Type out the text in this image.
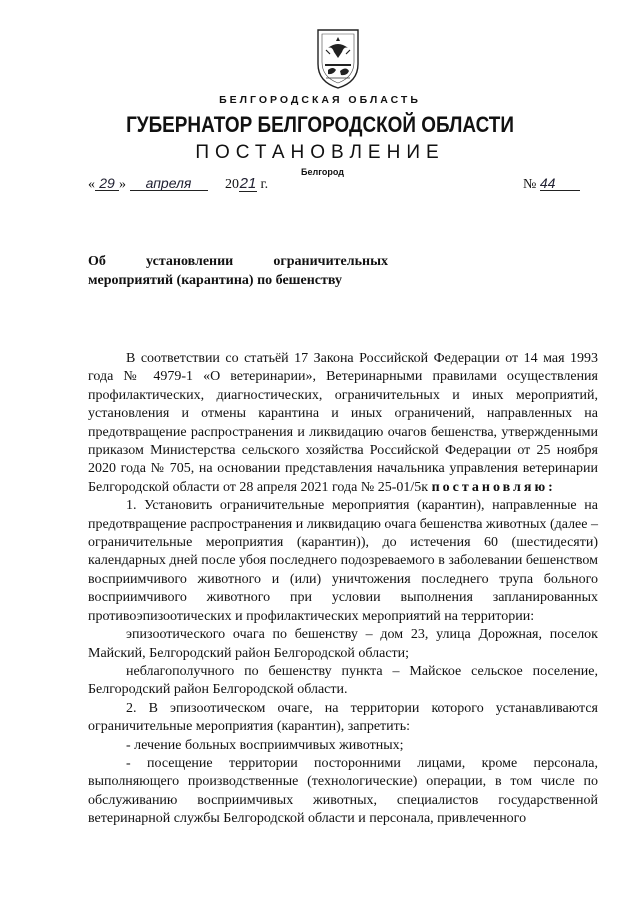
БЕЛГОРОДСКАЯ ОБЛАСТЬ
ГУБЕРНАТОР БЕЛГОРОДСКОЙ ОБЛАСТИ
ПОСТАНОВЛЕНИЕ
Белгород
« 29 » апреля 2021 г.	№ 44
Об установлении ограничительных
мероприятий (карантина) по бешенству

В соответствии со статьёй 17 Закона Российской Федерации от 14 мая 1993 года № 4979-1 «О ветеринарии», Ветеринарными правилами осуществления профилактических, диагностических, ограничительных и иных мероприятий, установления и отмены карантина и иных ограничений, направленных на предотвращение распространения и ликвидацию очагов бешенства, утвержденными приказом Министерства сельского хозяйства Российской Федерации от 25 ноября 2020 года № 705, на основании представления начальника управления ветеринарии Белгородской области от 28 апреля 2021 года № 25-01/5к постановляю:

1. Установить ограничительные мероприятия (карантин), направленные на предотвращение распространения и ликвидацию очага бешенства животных (далее – ограничительные мероприятия (карантин)), до истечения 60 (шестидесяти) календарных дней после убоя последнего подозреваемого в заболевании бешенством восприимчивого животного и (или) уничтожения последнего трупа больного восприимчивого животного при условии выполнения запланированных противоэпизоотических и профилактических мероприятий на территории:

эпизоотического очага по бешенству – дом 23, улица Дорожная, поселок Майский, Белгородский район Белгородской области;

неблагополучного по бешенству пункта – Майское сельское поселение, Белгородский район Белгородской области.

2. В эпизоотическом очаге, на территории которого устанавливаются ограничительные мероприятия (карантин), запретить:

- лечение больных восприимчивых животных;

- посещение территории посторонними лицами, кроме персонала, выполняющего производственные (технологические) операции, в том числе по обслуживанию восприимчивых животных, специалистов государственной ветеринарной службы Белгородской области и персонала, привлеченного
